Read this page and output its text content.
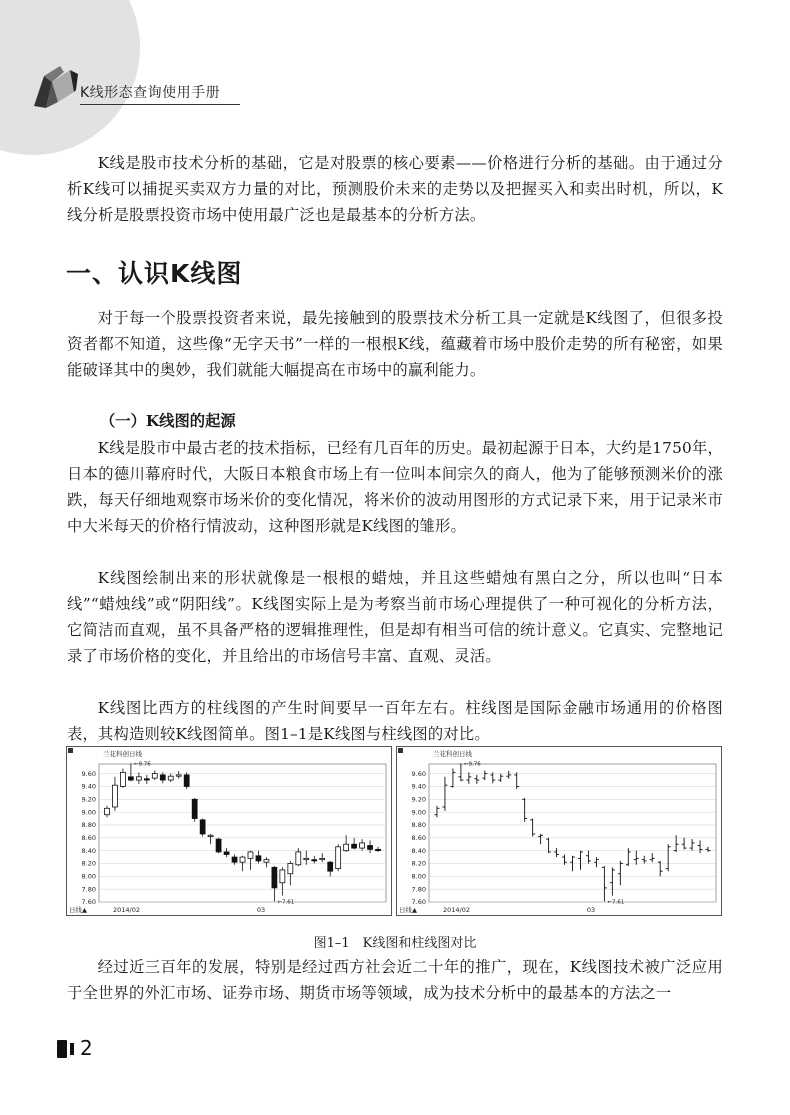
K线形态查询使用手册

K线是股市技术分析的基础，它是对股票的核心要素——价格进行分析的基础。由于通过分析K线可以捕捉买卖双方力量的对比，预测股价未来的走势以及把握买入和卖出时机，所以，K线分析是股票投资市场中使用最广泛也是最基本的分析方法。

一、认识K线图

对于每一个股票投资者来说，最先接触到的股票技术分析工具一定就是K线图了，但很多投资者都不知道，这些像“无字天书”一样的一根根K线，蕴藏着市场中股价走势的所有秘密，如果能破译其中的奥妙，我们就能大幅提高在市场中的赢利能力。

（一）K线图的起源

K线是股市中最古老的技术指标，已经有几百年的历史。最初起源于日本，大约是1750年，日本的德川幕府时代，大阪日本粮食市场上有一位叫本间宗久的商人，他为了能够预测米价的涨跌，每天仔细地观察市场米价的变化情况，将米价的波动用图形的方式记录下来，用于记录米市中大米每天的价格行情波动，这种图形就是K线图的雏形。

K线图绘制出来的形状就像是一根根的蜡烛，并且这些蜡烛有黑白之分，所以也叫“日本线”“蜡烛线”或“阴阳线”。K线图实际上是为考察当前市场心理提供了一种可视化的分析方法，它简洁而直观，虽不具备严格的逻辑推理性，但是却有相当可信的统计意义。它真实、完整地记录了市场价格的变化，并且给出的市场信号丰富、直观、灵活。

K线图比西方的柱线图的产生时间要早一百年左右。柱线图是国际金融市场通用的价格图表，其构造则较K线图简单。图1–1是K线图与柱线图的对比。

兰花科创日线
9.60
9.40
9.20
9.00
8.80
8.60
8.40
8.20
8.00
7.80
7.60
←9.76
←7.61
日线▲	2014/02	03
兰花科创日线
9.60
9.40
9.20
9.00
8.80
8.60
8.40
8.20
8.00
7.80
7.60
←9.76
←7.61
日线▲	2014/02	03
图1–1　K线图和柱线图对比

经过近三百年的发展，特别是经过西方社会近二十年的推广，现在，K线图技术被广泛应用于全世界的外汇市场、证券市场、期货市场等领域，成为技术分析中的最基本的方法之一

2
